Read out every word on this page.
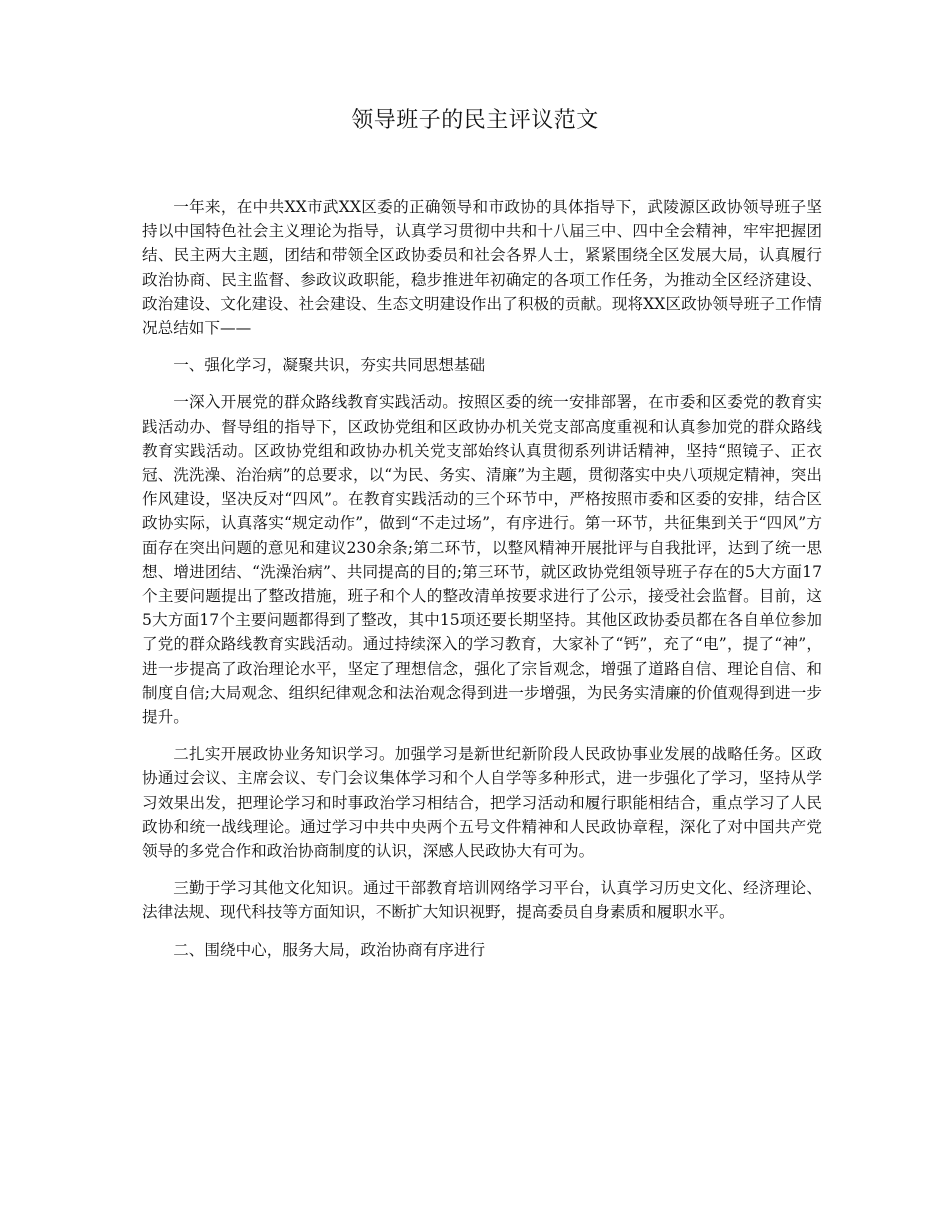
领导班子的民主评议范文

一年来，在中共XX市武XX区委的正确领导和市政协的具体指导下，武陵源区政协领导班子坚持以中国特色社会主义理论为指导，认真学习贯彻中共和十八届三中、四中全会精神，牢牢把握团结、民主两大主题，团结和带领全区政协委员和社会各界人士，紧紧围绕全区发展大局，认真履行政治协商、民主监督、参政议政职能，稳步推进年初确定的各项工作任务，为推动全区经济建设、政治建设、文化建设、社会建设、生态文明建设作出了积极的贡献。现将XX区政协领导班子工作情况总结如下——

一、强化学习，凝聚共识，夯实共同思想基础

一深入开展党的群众路线教育实践活动。按照区委的统一安排部署，在市委和区委党的教育实践活动办、督导组的指导下，区政协党组和区政协办机关党支部高度重视和认真参加党的群众路线教育实践活动。区政协党组和政协办机关党支部始终认真贯彻系列讲话精神，坚持“照镜子、正衣冠、洗洗澡、治治病”的总要求，以“为民、务实、清廉”为主题，贯彻落实中央八项规定精神，突出作风建设，坚决反对“四风”。在教育实践活动的三个环节中，严格按照市委和区委的安排，结合区政协实际，认真落实“规定动作”，做到“不走过场”，有序进行。第一环节，共征集到关于“四风”方面存在突出问题的意见和建议230余条;第二环节，以整风精神开展批评与自我批评，达到了统一思想、增进团结、“洗澡治病”、共同提高的目的;第三环节，就区政协党组领导班子存在的5大方面17个主要问题提出了整改措施，班子和个人的整改清单按要求进行了公示，接受社会监督。目前，这5大方面17个主要问题都得到了整改，其中15项还要长期坚持。其他区政协委员都在各自单位参加了党的群众路线教育实践活动。通过持续深入的学习教育，大家补了“钙”，充了“电”，提了“神”，进一步提高了政治理论水平，坚定了理想信念，强化了宗旨观念，增强了道路自信、理论自信、和制度自信;大局观念、组织纪律观念和法治观念得到进一步增强，为民务实清廉的价值观得到进一步提升。

二扎实开展政协业务知识学习。加强学习是新世纪新阶段人民政协事业发展的战略任务。区政协通过会议、主席会议、专门会议集体学习和个人自学等多种形式，进一步强化了学习，坚持从学习效果出发，把理论学习和时事政治学习相结合，把学习活动和履行职能相结合，重点学习了人民政协和统一战线理论。通过学习中共中央两个五号文件精神和人民政协章程，深化了对中国共产党领导的多党合作和政治协商制度的认识，深感人民政协大有可为。

三勤于学习其他文化知识。通过干部教育培训网络学习平台，认真学习历史文化、经济理论、法律法规、现代科技等方面知识，不断扩大知识视野，提高委员自身素质和履职水平。

二、围绕中心，服务大局，政治协商有序进行
